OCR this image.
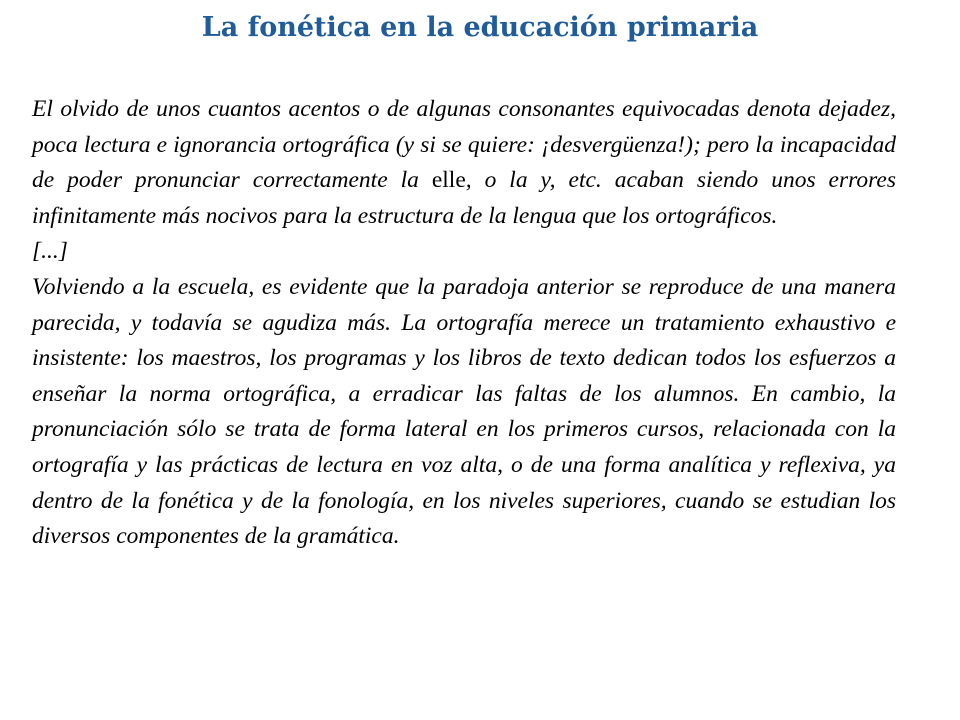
La fonética en la educación primaria

El olvido de unos cuantos acentos o de algunas consonantes equivocadas denota dejadez, poca lectura e ignorancia ortográfica (y si se quiere: ¡desvergüenza!); pero la incapacidad de poder pronunciar correctamente la elle, o la y, etc. acaban siendo unos errores infinitamente más nocivos para la estructura de la lengua que los ortográficos.

[...]

Volviendo a la escuela, es evidente que la paradoja anterior se reproduce de una manera parecida, y todavía se agudiza más. La ortografía merece un tratamiento exhaustivo e insistente: los maestros, los programas y los libros de texto dedican todos los esfuerzos a enseñar la norma ortográfica, a erradicar las faltas de los alumnos. En cambio, la pronunciación sólo se trata de forma lateral en los primeros cursos, relacionada con la ortografía y las prácticas de lectura en voz alta, o de una forma analítica y reflexiva, ya dentro de la fonética y de la fonología, en los niveles superiores, cuando se estudian los diversos componentes de la gramática.
